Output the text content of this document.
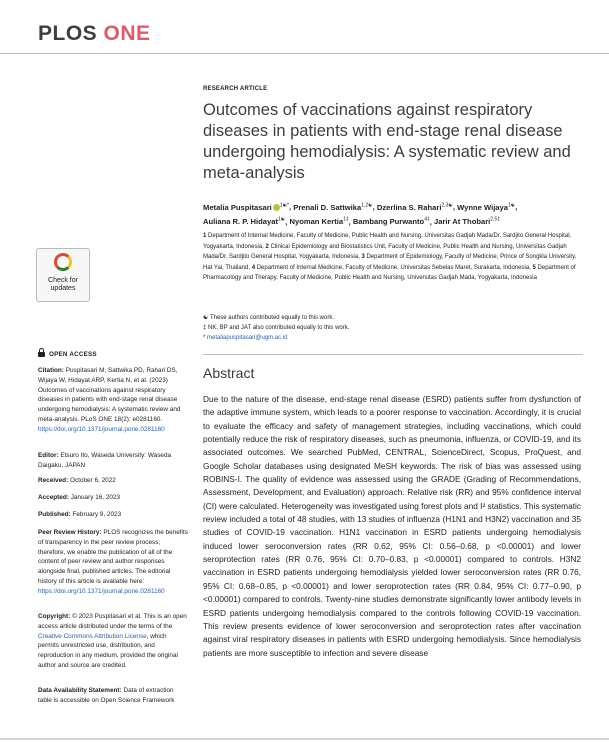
PLOS ONE
RESEARCH ARTICLE
Outcomes of vaccinations against respiratory diseases in patients with end-stage renal disease undergoing hemodialysis: A systematic review and meta-analysis
Metalia Puspitasari $^{1☯*}$, Prenali D. Sattwika$^{1,2☯}$, Dzerlina S. Rahari$^{2,3☯}$, Wynne Wijaya$^{1☯}$,
Auliana R. P. Hidayat$^{1☯}$, Nyoman Kertia$^{1\ddagger}$, Bambang Purwanto$^{4\ddagger}$, Jarir At Thobari$^{2,5\ddagger}$
1 Department of Internal Medicine, Faculty of Medicine, Public Health and Nursing, Universitas Gadjah Mada/Dr. Sardjito General Hospital, Yogyakarta, Indonesia, 2 Clinical Epidemiology and Biostatistics Unit, Faculty of Medicine, Public Health and Nursing, Universitas Gadjah Mada/Dr. Sardjito General Hospital, Yogyakarta, Indonesia, 3 Department of Epidemiology, Faculty of Medicine, Prince of Songkla University, Hat Yai, Thailand, 4 Department of Internal Medicine, Faculty of Medicine, Universitas Sebelas Maret, Surakarta, Indonesia, 5 Department of Pharmacology and Therapy, Faculty of Medicine, Public Health and Nursing, Universitas Gadjah Mada, Yogyakarta, Indonesia
☯ These authors contributed equally to this work.
‡ NK, BP and JAT also contributed equally to this work.
* metaliapuspitasari@ugm.ac.id
Abstract
Due to the nature of the disease, end-stage renal disease (ESRD) patients suffer from dysfunction of the adaptive immune system, which leads to a poorer response to vaccination. Accordingly, it is crucial to evaluate the efficacy and safety of management strategies, including vaccinations, which could potentially reduce the risk of respiratory diseases, such as pneumonia, influenza, or COVID-19, and its associated outcomes. We searched PubMed, CENTRAL, ScienceDirect, Scopus, ProQuest, and Google Scholar databases using designated MeSH keywords. The risk of bias was assessed using ROBINS-I. The quality of evidence was assessed using the GRADE (Grading of Recommendations, Assessment, Development, and Evaluation) approach. Relative risk (RR) and 95% confidence interval (CI) were calculated. Heterogeneity was investigated using forest plots and I² statistics. This systematic review included a total of 48 studies, with 13 studies of influenza (H1N1 and H3N2) vaccination and 35 studies of COVID-19 vaccination. H1N1 vaccination in ESRD patients undergoing hemodialysis induced lower seroconversion rates (RR 0.62, 95% CI: 0.56–0.68, p <0.00001) and lower seroprotection rates (RR 0.76, 95% CI: 0.70–0.83, p <0.00001) compared to controls. H3N2 vaccination in ESRD patients undergoing hemodialysis yielded lower seroconversion rates (RR 0.76, 95% CI: 0.68–0.85, p <0.00001) and lower seroprotection rates (RR 0.84, 95% CI: 0.77–0.90, p <0.00001) compared to controls. Twenty-nine studies demonstrate significantly lower antibody levels in ESRD patients undergoing hemodialysis compared to the controls following COVID-19 vaccination. This review presents evidence of lower seroconversion and seroprotection rates after vaccination against viral respiratory diseases in patients with ESRD undergoing hemodialysis. Since hemodialysis patients are more susceptible to infection and severe disease
Check for
updates
OPEN ACCESS
Citation: Puspitasari M, Sattwika PD, Rahari DS, Wijaya W, Hidayat ARP, Kertia N, et al. (2023) Outcomes of vaccinations against respiratory diseases in patients with end-stage renal disease undergoing hemodialysis: A systematic review and meta-analysis. PLoS ONE 18(2): e0281160. https://doi.org/10.1371/journal.pone.0281160
Editor: Etsuro Ito, Waseda University: Waseda Daigaku, JAPAN
Received: October 6, 2022
Accepted: January 16, 2023
Published: February 9, 2023
Peer Review History: PLOS recognizes the benefits of transparency in the peer review process; therefore, we enable the publication of all of the content of peer review and author responses alongside final, published articles. The editorial history of this article is available here: https://doi.org/10.1371/journal.pone.0281160
Copyright: © 2023 Puspitasari et al. This is an open access article distributed under the terms of the Creative Commons Attribution License, which permits unrestricted use, distribution, and reproduction in any medium, provided the original author and source are credited.
Data Availability Statement: Data of extraction table is accessible on Open Science Framework
